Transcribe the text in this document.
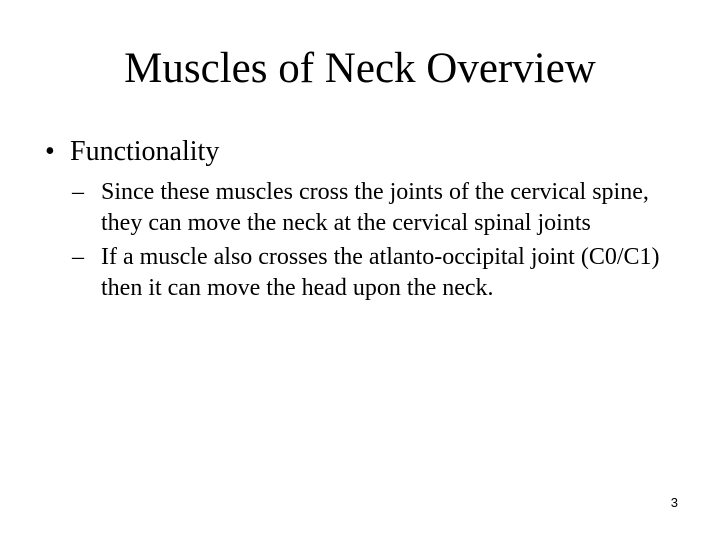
Muscles of Neck Overview
• Functionality
– Since these muscles cross the joints of the cervical spine, they can move the neck at the cervical spinal joints
– If a muscle also crosses the atlanto-occipital joint (C0/C1) then it can move the head upon the neck.
3
